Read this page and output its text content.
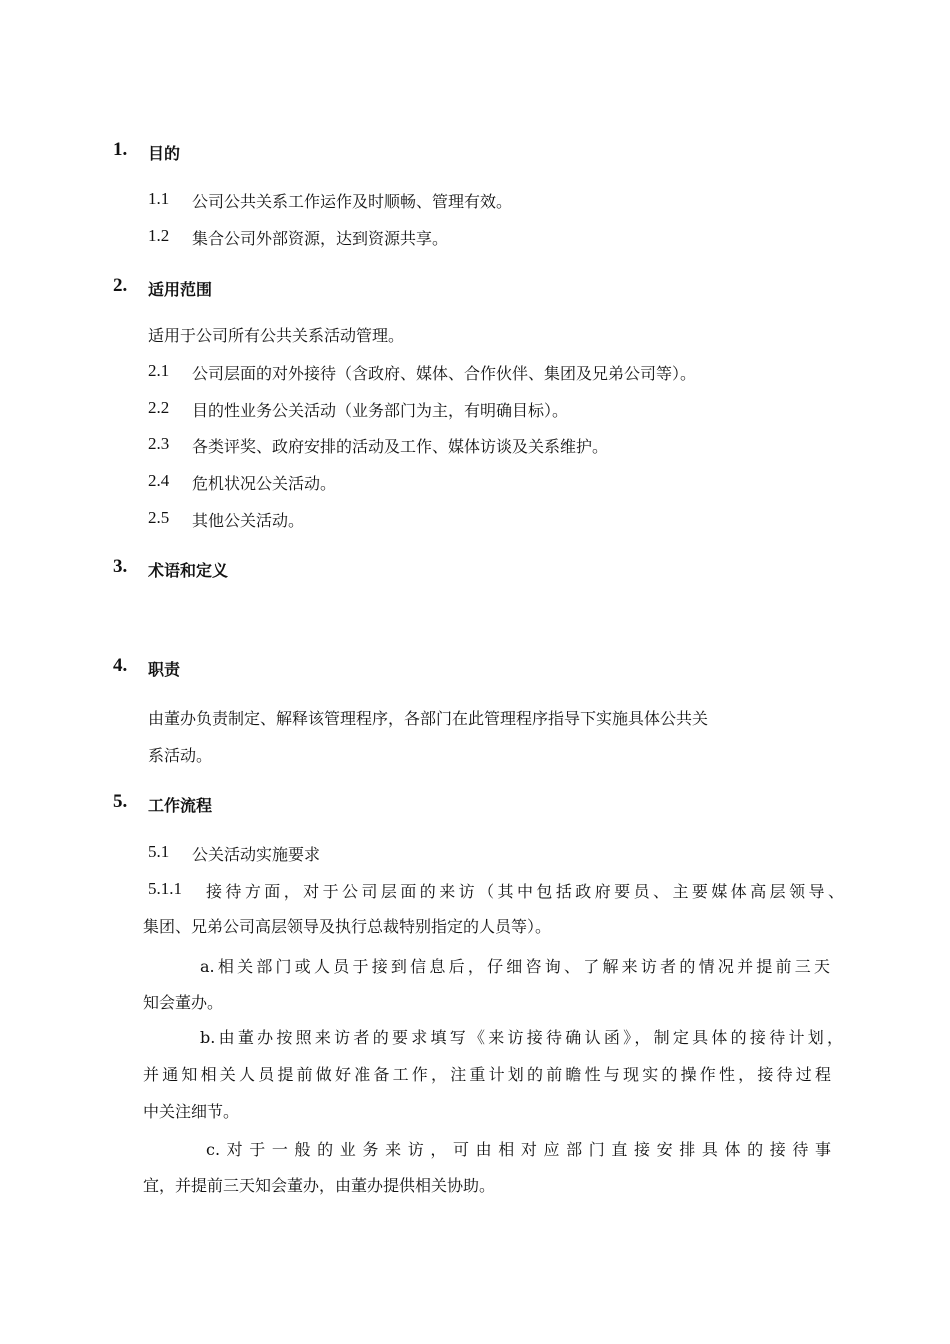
1. 目的
1.1 公司公共关系工作运作及时顺畅、管理有效。
1.2 集合公司外部资源，达到资源共享。
2. 适用范围
适用于公司所有公共关系活动管理。
2.1 公司层面的对外接待（含政府、媒体、合作伙伴、集团及兄弟公司等）。
2.2 目的性业务公关活动（业务部门为主，有明确目标）。
2.3 各类评奖、政府安排的活动及工作、媒体访谈及关系维护。
2.4 危机状况公关活动。
2.5 其他公关活动。
3. 术语和定义
4. 职责
由董办负责制定、解释该管理程序，各部门在此管理程序指导下实施具体公共关
系活动。
5. 工作流程
5.1 公关活动实施要求
5.1.1 接待方面，对于公司层面的来访（其中包括政府要员、主要媒体高层领导、
集团、兄弟公司高层领导及执行总裁特别指定的人员等）。
a.相关部门或人员于接到信息后，仔细咨询、了解来访者的情况并提前三天
知会董办。
b.由董办按照来访者的要求填写《来访接待确认函》，制定具体的接待计划，
并通知相关人员提前做好准备工作，注重计划的前瞻性与现实的操作性，接待过程
中关注细节。
c.对于一般的业务来访，可由相对应部门直接安排具体的接待事
宜，并提前三天知会董办，由董办提供相关协助。
